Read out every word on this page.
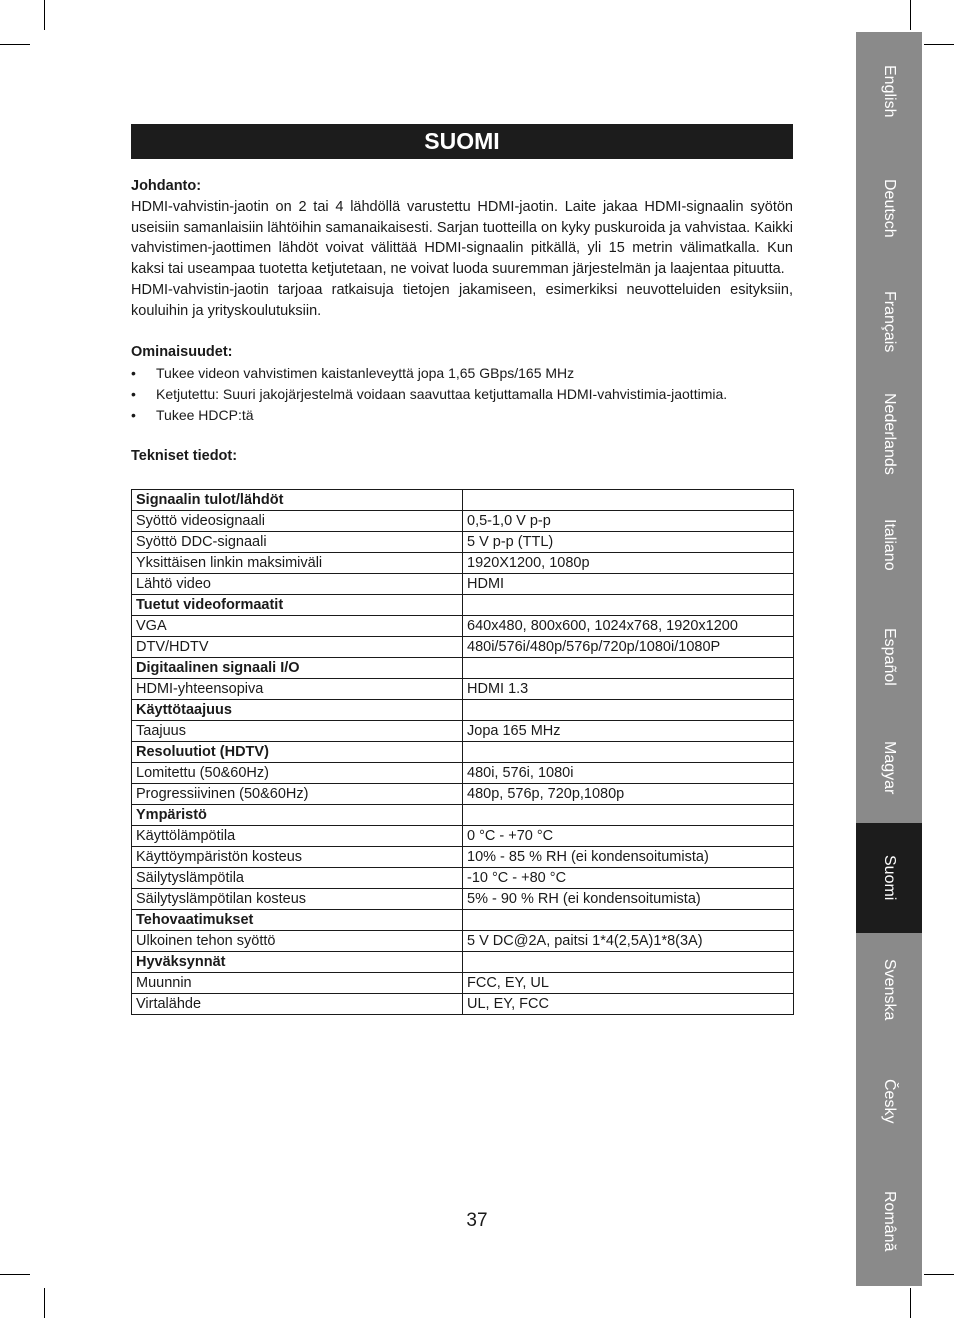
SUOMI

Johdanto:

HDMI-vahvistin-jaotin on 2 tai 4 lähdöllä varustettu HDMI-jaotin. Laite jakaa HDMI-signaalin syötön useisiin samanlaisiin lähtöihin samanaikaisesti. Sarjan tuotteilla on kyky puskuroida ja vahvistaa. Kaikki vahvistimen-jaottimen lähdöt voivat välittää HDMI-signaalin pitkällä, yli 15 metrin välimatkalla. Kun kaksi tai useampaa tuotetta ketjutetaan, ne voivat luoda suuremman järjestelmän ja laajentaa pituutta.

HDMI-vahvistin-jaotin tarjoaa ratkaisuja tietojen jakamiseen, esimerkiksi neuvotteluiden esityksiin, kouluihin ja yrityskoulutuksiin.

Ominaisuudet:

• Tukee videon vahvistimen kaistanleveyttä jopa 1,65 GBps/165 MHz
• Ketjutettu: Suuri jakojärjestelmä voidaan saavuttaa ketjuttamalla HDMI-vahvistimia-jaottimia.
• Tukee HDCP:tä

Tekniset tiedot:

Signaalin tulot/lähdöt	
Syöttö videosignaali	0,5-1,0 V p-p
Syöttö DDC-signaali	5 V p-p (TTL)
Yksittäisen linkin maksimiväli	1920X1200, 1080p
Lähtö video	HDMI
Tuetut videoformaatit	
VGA	640x480, 800x600, 1024x768, 1920x1200
DTV/HDTV	480i/576i/480p/576p/720p/1080i/1080P
Digitaalinen signaali I/O	
HDMI-yhteensopiva	HDMI 1.3
Käyttötaajuus	
Taajuus	Jopa 165 MHz
Resoluutiot (HDTV)	
Lomitettu (50&60Hz)	480i, 576i, 1080i
Progressiivinen (50&60Hz)	480p, 576p, 720p,1080p
Ympäristö	
Käyttölämpötila	0 °C - +70 °C
Käyttöympäristön kosteus	10% - 85 % RH (ei kondensoitumista)
Säilytyslämpötila	-10 °C - +80 °C
Säilytyslämpötilan kosteus	5% - 90 % RH (ei kondensoitumista)
Tehovaatimukset	
Ulkoinen tehon syöttö	5 V DC@2A, paitsi 1*4(2,5A)1*8(3A)
Hyväksynnät	
Muunnin	FCC, EY, UL
Virtalähde	UL, EY, FCC
English
Deutsch
Français
Nederlands
Italiano
Español
Magyar
Suomi
Svenska
Česky
Română
37
